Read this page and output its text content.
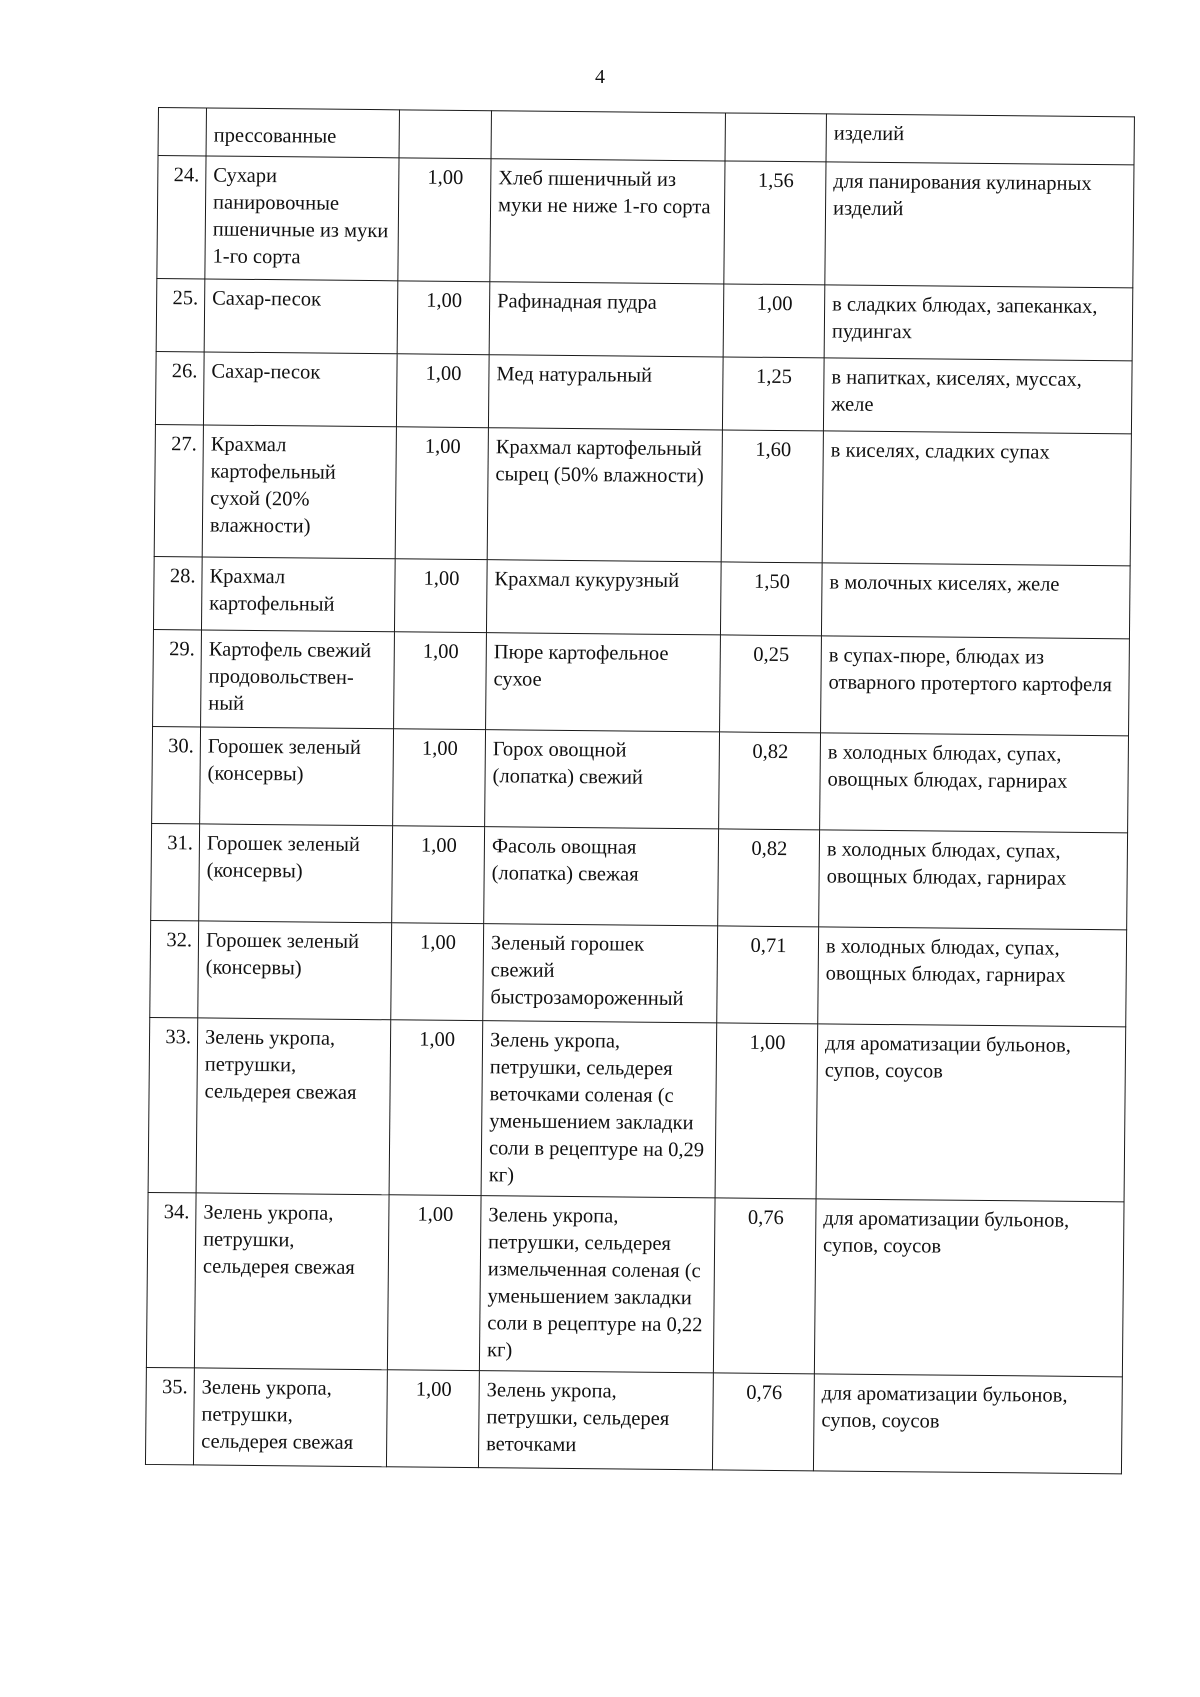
4
	прессованные				изделий
24.	Сухари панировочные пшеничные из муки 1-го сорта	1,00	Хлеб пшеничный из муки не ниже 1-го сорта	1,56	для панирования кулинарных изделий
25.	Сахар-песок	1,00	Рафинадная пудра	1,00	в сладких блюдах, запеканках, пудингах
26.	Сахар-песок	1,00	Мед натуральный	1,25	в напитках, киселях, муссах, желе
27.	Крахмал картофельный сухой (20% влажности)	1,00	Крахмал картофельный сырец (50% влажности)	1,60	в киселях, сладких супах
28.	Крахмал картофельный	1,00	Крахмал кукурузный	1,50	в молочных киселях, желе
29.	Картофель свежий продовольствен-ный	1,00	Пюре картофельное сухое	0,25	в супах-пюре, блюдах из отварного протертого картофеля
30.	Горошек зеленый (консервы)	1,00	Горох овощной (лопатка) свежий	0,82	в холодных блюдах, супах, овощных блюдах, гарнирах
31.	Горошек зеленый (консервы)	1,00	Фасоль овощная (лопатка) свежая	0,82	в холодных блюдах, супах, овощных блюдах, гарнирах
32.	Горошек зеленый (консервы)	1,00	Зеленый горошек свежий быстрозамороженный	0,71	в холодных блюдах, супах, овощных блюдах, гарнирах
33.	Зелень укропа, петрушки, сельдерея свежая	1,00	Зелень укропа, петрушки, сельдерея веточками соленая (с уменьшением закладки соли в рецептуре на 0,29 кг)	1,00	для ароматизации бульонов, супов, соусов
34.	Зелень укропа, петрушки, сельдерея свежая	1,00	Зелень укропа, петрушки, сельдерея измельченная соленая (с уменьшением закладки соли в рецептуре на 0,22 кг)	0,76	для ароматизации бульонов, супов, соусов
35.	Зелень укропа, петрушки, сельдерея свежая	1,00	Зелень укропа, петрушки, сельдерея веточками	0,76	для ароматизации бульонов, супов, соусов
